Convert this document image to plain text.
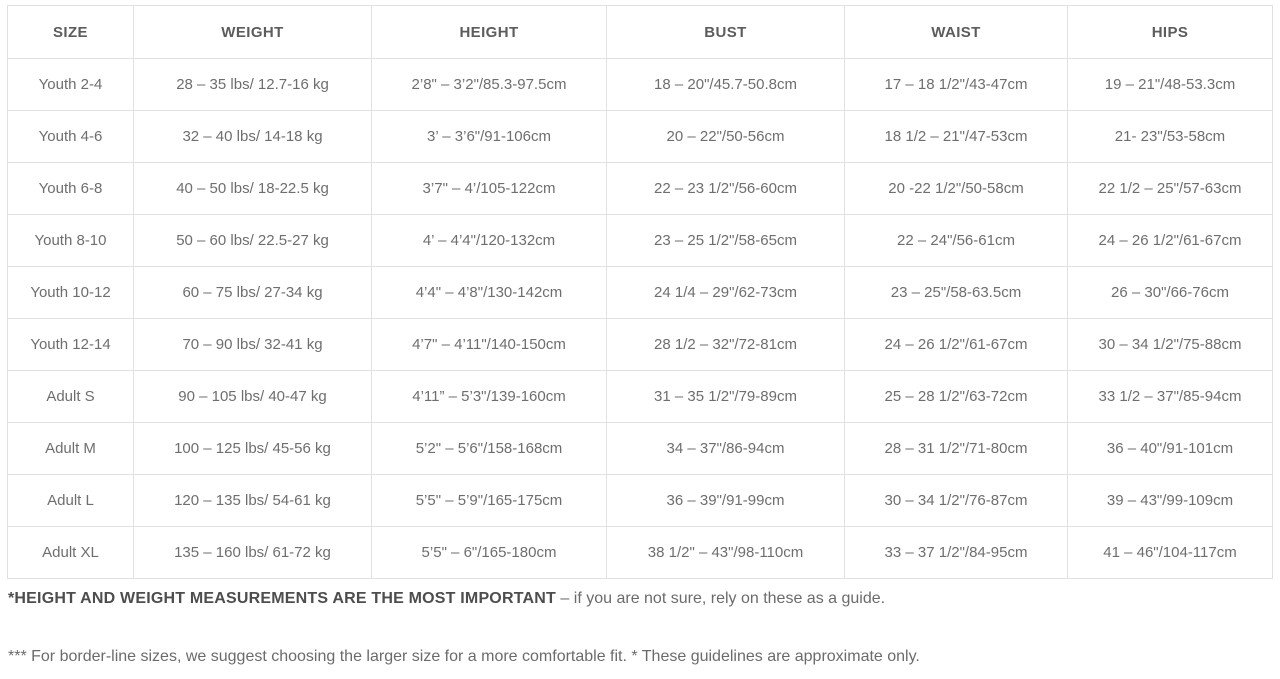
SIZE	WEIGHT	HEIGHT	BUST	WAIST	HIPS
Youth 2-4	28 – 35 lbs/ 12.7-16 kg	2’8" – 3’2"/85.3-97.5cm	18 – 20"/45.7-50.8cm	17 – 18 1/2"/43-47cm	19 – 21"/48-53.3cm
Youth 4-6	32 – 40 lbs/ 14-18 kg	3’ – 3’6"/91-106cm	20 – 22"/50-56cm	18 1/2 – 21"/47-53cm	21- 23"/53-58cm
Youth 6-8	40 – 50 lbs/ 18-22.5 kg	3’7" – 4’/105-122cm	22 – 23 1/2"/56-60cm	20 -22 1/2"/50-58cm	22 1/2 – 25"/57-63cm
Youth 8-10	50 – 60 lbs/ 22.5-27 kg	4’ – 4’4"/120-132cm	23 – 25 1/2"/58-65cm	22 – 24"/56-61cm	24 – 26 1/2"/61-67cm
Youth 10-12	60 – 75 lbs/ 27-34 kg	4’4" – 4’8"/130-142cm	24 1/4 – 29"/62-73cm	23 – 25"/58-63.5cm	26 – 30"/66-76cm
Youth 12-14	70 – 90 lbs/ 32-41 kg	4’7" – 4’11"/140-150cm	28 1/2 – 32"/72-81cm	24 – 26 1/2"/61-67cm	30 – 34 1/2"/75-88cm
Adult S	90 – 105 lbs/ 40-47 kg	4’11” – 5’3"/139-160cm	31 – 35 1/2"/79-89cm	25 – 28 1/2"/63-72cm	33 1/2 – 37"/85-94cm
Adult M	100 – 125 lbs/ 45-56 kg	5’2" – 5’6"/158-168cm	34 – 37"/86-94cm	28 – 31 1/2"/71-80cm	36 – 40"/91-101cm
Adult L	120 – 135 lbs/ 54-61 kg	5’5" – 5’9"/165-175cm	36 – 39"/91-99cm	30 – 34 1/2"/76-87cm	39 – 43"/99-109cm
Adult XL	135 – 160 lbs/ 61-72 kg	5’5" – 6"/165-180cm	38 1/2" – 43"/98-110cm	33 – 37 1/2"/84-95cm	41 – 46"/104-117cm

*HEIGHT AND WEIGHT MEASUREMENTS ARE THE MOST IMPORTANT – if you are not sure, rely on these as a guide.

*** For border-line sizes, we suggest choosing the larger size for a more comfortable fit. * These guidelines are approximate only.
